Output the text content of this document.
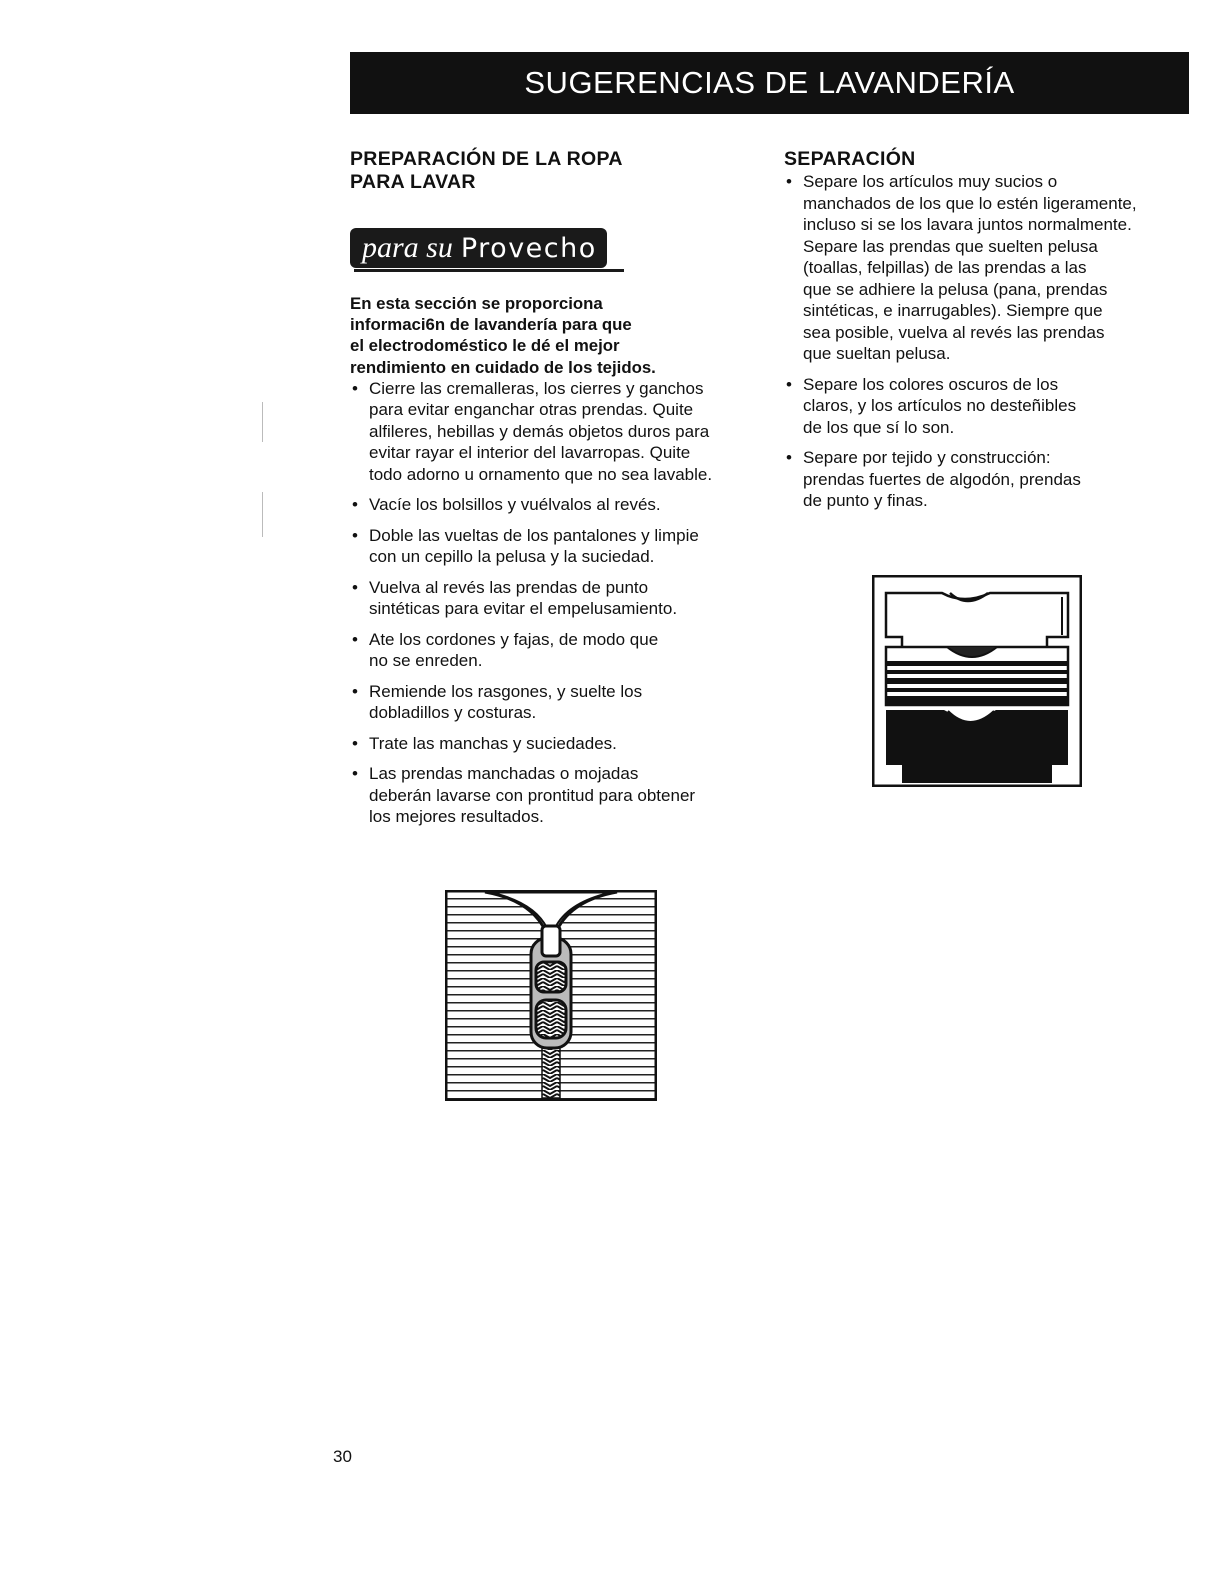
SUGERENCIAS DE LAVANDERÍA
PREPARACIÓN DE LA ROPA
PARA LAVAR
para su Provecho
En esta sección se proporciona
informaci6n de lavandería para que
el electrodoméstico le dé el mejor
rendimiento en cuidado de los tejidos.
• Cierre las cremalleras, los cierres y ganchos
para evitar enganchar otras prendas. Quite
alfileres, hebillas y demás objetos duros para
evitar rayar el interior del lavarropas. Quite
todo adorno u ornamento que no sea lavable.
• Vacíe los bolsillos y vuélvalos al revés.
• Doble las vueltas de los pantalones y limpie
con un cepillo la pelusa y la suciedad.
• Vuelva al revés las prendas de punto
sintéticas para evitar el empelusamiento.
• Ate los cordones y fajas, de modo que
no se enreden.
• Remiende los rasgones, y suelte los
dobladillos y costuras.
• Trate las manchas y suciedades.
• Las prendas manchadas o mojadas
deberán lavarse con prontitud para obtener
los mejores resultados.
SEPARACIÓN
• Separe los artículos muy sucios o
manchados de los que lo estén ligeramente,
incluso si se los lavara juntos normalmente.
Separe las prendas que suelten pelusa
(toallas, felpillas) de las prendas a las
que se adhiere la pelusa (pana, prendas
sintéticas, e inarrugables). Siempre que
sea posible, vuelva al revés las prendas
que sueltan pelusa.
• Separe los colores oscuros de los
claros, y los artículos no desteñibles
de los que sí lo son.
• Separe por tejido y construcción:
prendas fuertes de algodón, prendas
de punto y finas.
30
